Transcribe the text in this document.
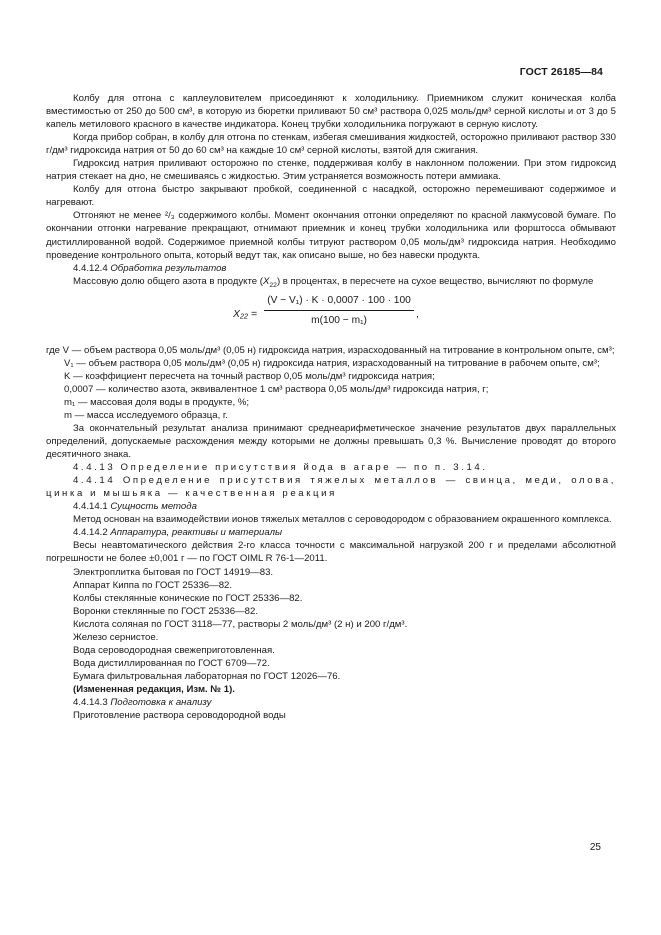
ГОСТ 26185—84

Колбу для отгона с каплеуловителем присоединяют к холодильнику. Приемником служит коническая колба вместимостью от 250 до 500 см³, в которую из бюретки приливают 50 см³ раствора 0,025 моль/дм³ серной кислоты и от 3 до 5 капель метилового красного в качестве индикатора. Конец трубки холодильника погружают в серную кислоту.

Когда прибор собран, в колбу для отгона по стенкам, избегая смешивания жидкостей, осторожно приливают раствор 330 г/дм³ гидроксида натрия от 50 до 60 см³ на каждые 10 см³ серной кислоты, взятой для сжигания.

Гидроксид натрия приливают осторожно по стенке, поддерживая колбу в наклонном положении. При этом гидроксид натрия стекает на дно, не смешиваясь с жидкостью. Этим устраняется возможность потери аммиака.

Колбу для отгона быстро закрывают пробкой, соединенной с насадкой, осторожно перемешивают содержимое и нагревают.

Отгоняют не менее ²/₃ содержимого колбы. Момент окончания отгонки определяют по красной лакмусовой бумаге. По окончании отгонки нагревание прекращают, отнимают приемник и конец трубки холодильника или форштосса обмывают дистиллированной водой. Содержимое приемной колбы титруют раствором 0,05 моль/дм³ гидроксида натрия. Необходимо проведение контрольного опыта, который ведут так, как описано выше, но без навески продукта.

4.4.12.4 Обработка результатов

Массовую долю общего азота в продукте $(X_{22})$ в процентах, в пересчете на сухое вещество, вычисляют по формуле

X₂₂ =
(V − V₁) · K · 0,0007 · 100 · 100
m(100 − m₁)
,
где V — объем раствора 0,05 моль/дм³ (0,05 н) гидроксида натрия, израсходованный на титрование в контрольном опыте, см³;
V₁ — объем раствора 0,05 моль/дм³ (0,05 н) гидроксида натрия, израсходованный на титрование в рабочем опыте, см³;

K — коэффициент пересчета на точный раствор 0,05 моль/дм³ гидроксида натрия;

0,0007 — количество азота, эквивалентное 1 см³ раствора 0,05 моль/дм³ гидроксида натрия, г;

m₁ — массовая доля воды в продукте, %;

m — масса исследуемого образца, г.

За окончательный результат анализа принимают среднеарифметическое значение результатов двух параллельных определений, допускаемые расхождения между которыми не должны превышать 0,3 %. Вычисление проводят до второго десятичного знака.

4.4.13 Определение присутствия йода в агаре — по п. 3.14.

4.4.14 Определение присутствия тяжелых металлов — свинца, меди, олова, цинка и мышьяка — качественная реакция

4.4.14.1 Сущность метода

Метод основан на взаимодействии ионов тяжелых металлов с сероводородом с образованием окрашенного комплекса.

4.4.14.2 Аппаратура, реактивы и материалы

Весы неавтоматического действия 2-го класса точности с максимальной нагрузкой 200 г и пределами абсолютной погрешности не более ±0,001 г — по ГОСТ OIML R 76-1—2011.

Электроплитка бытовая по ГОСТ 14919—83.

Аппарат Киппа по ГОСТ 25336—82.

Колбы стеклянные конические по ГОСТ 25336—82.

Воронки стеклянные по ГОСТ 25336—82.

Кислота соляная по ГОСТ 3118—77, растворы 2 моль/дм³ (2 н) и 200 г/дм³.

Железо сернистое.

Вода сероводородная свежеприготовленная.

Вода дистиллированная по ГОСТ 6709—72.

Бумага фильтровальная лабораторная по ГОСТ 12026—76.

(Измененная редакция, Изм. № 1).

4.4.14.3 Подготовка к анализу

Приготовление раствора сероводородной воды

25
